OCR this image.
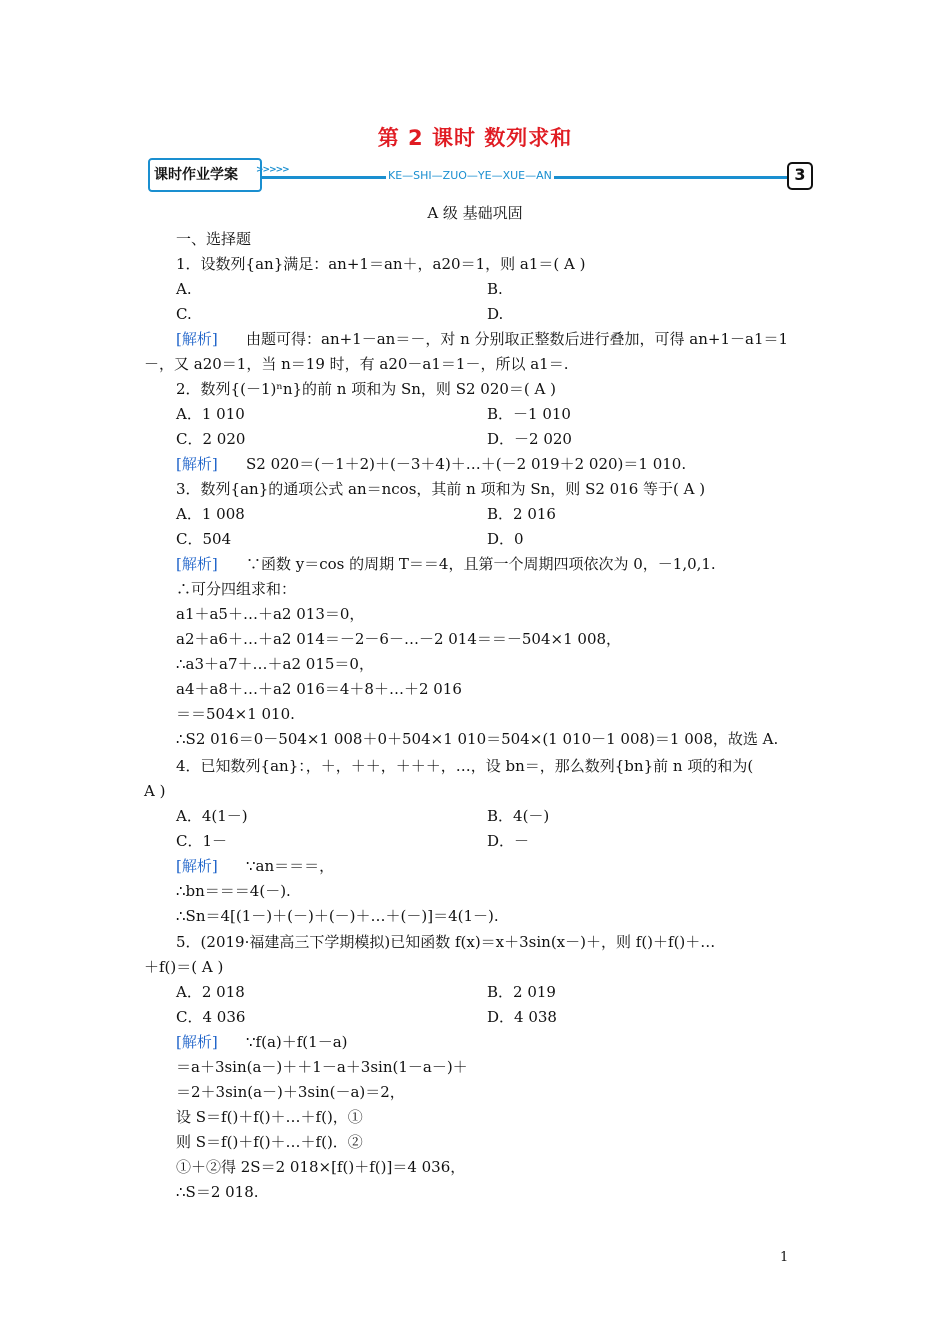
第 2 课时 数列求和
课时作业学案 >>>>>	KE—SHI—ZUO—YE—XUE—AN	3
A 级 基础巩固
一、选择题
1．设数列{an}满足：an+1＝an＋，a20＝1，则 a1＝( A )
A.	B.
C.	D.
[解析] 由题可得：an+1－an＝－，对 n 分别取正整数后进行叠加，可得 an+1－a1＝1
－，又 a20＝1，当 n＝19 时，有 a20－a1＝1－，所以 a1＝.
2．数列{(－1)ⁿn}的前 n 项和为 Sn，则 S2 020＝( A )
A．1 010	B．－1 010
C．2 020	D．－2 020
[解析] S2 020＝(－1＋2)＋(－3＋4)＋…＋(－2 019＋2 020)＝1 010.
3．数列{an}的通项公式 an＝ncos，其前 n 项和为 Sn，则 S2 016 等于( A )
A．1 008	B．2 016
C．504	D．0
[解析] ∵函数 y＝cos 的周期 T＝＝4，且第一个周期四项依次为 0，－1,0,1.
∴可分四组求和：
a1＋a5＋…＋a2 013＝0，
a2＋a6＋…＋a2 014＝－2－6－…－2 014＝＝－504×1 008，
∴a3＋a7＋…＋a2 015＝0，
a4＋a8＋…＋a2 016＝4＋8＋…＋2 016
＝＝504×1 010.
∴S2 016＝0－504×1 008＋0＋504×1 010＝504×(1 010－1 008)＝1 008，故选 A.
4．已知数列{an}：，＋，＋＋，＋＋＋，…，设 bn＝，那么数列{bn}前 n 项的和为(
A )
A．4(1－)	B．4(－)
C．1－	D．－
[解析] ∵an＝＝＝，
∴bn＝＝＝4(－).
∴Sn＝4[(1－)＋(－)＋(－)＋…＋(－)]＝4(1－).
5．(2019·福建高三下学期模拟)已知函数 f(x)＝x＋3sin(x－)＋，则 f()＋f()＋…
＋f()＝( A )
A．2 018	B．2 019
C．4 036	D．4 038
[解析] ∵f(a)＋f(1－a)
＝a＋3sin(a－)＋＋1－a＋3sin(1－a－)＋
＝2＋3sin(a－)＋3sin(－a)＝2，
设 S＝f()＋f()＋…＋f()，①
则 S＝f()＋f()＋…＋f()．②
①＋②得 2S＝2 018×[f()＋f()]＝4 036，
∴S＝2 018.
1
